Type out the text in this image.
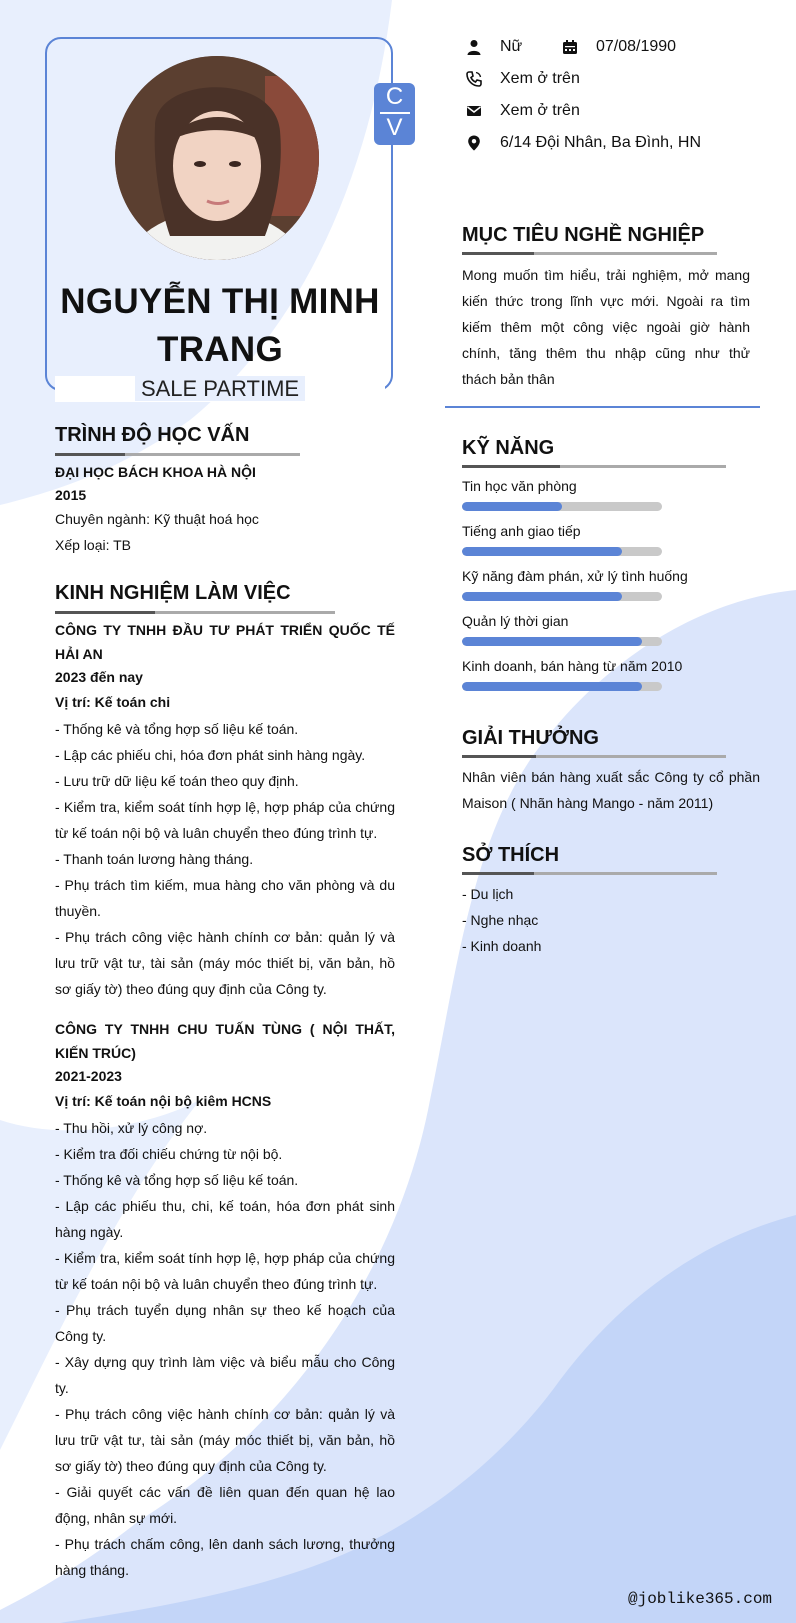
C
V
NGUYỄN THỊ MINH TRANG
SALE PARTIME
TRÌNH ĐỘ HỌC VẤN
ĐẠI HỌC BÁCH KHOA HÀ NỘI
2015
Chuyên ngành: Kỹ thuật hoá học
Xếp loại: TB
KINH NGHIỆM LÀM VIỆC
CÔNG TY TNHH ĐẦU TƯ PHÁT TRIỂN QUỐC TẾ HẢI AN
2023 đến nay
Vị trí: Kế toán chi
- Thống kê và tổng hợp số liệu kế toán.
- Lập các phiếu chi, hóa đơn phát sinh hàng ngày.
- Lưu trữ dữ liệu kế toán theo quy định.
- Kiểm tra, kiểm soát tính hợp lệ, hợp pháp của chứng từ kế toán nội bộ và luân chuyển theo đúng trình tự.
- Thanh toán lương hàng tháng.
- Phụ trách tìm kiếm, mua hàng cho văn phòng và du thuyền.
- Phụ trách công việc hành chính cơ bản: quản lý và lưu trữ vật tư, tài sản (máy móc thiết bị, văn bản, hồ sơ giấy tờ) theo đúng quy định của Công ty.
CÔNG TY TNHH CHU TUẤN TÙNG ( NỘI THẤT, KIẾN TRÚC)
2021-2023
Vị trí: Kế toán nội bộ kiêm HCNS
- Thu hồi, xử lý công nợ.
- Kiểm tra đối chiếu chứng từ nội bộ.
- Thống kê và tổng hợp số liệu kế toán.
- Lập các phiếu thu, chi, kế toán, hóa đơn phát sinh hàng ngày.
- Kiểm tra, kiểm soát tính hợp lệ, hợp pháp của chứng từ kế toán nội bộ và luân chuyển theo đúng trình tự.
- Phụ trách tuyển dụng nhân sự theo kế hoạch của Công ty.
- Xây dựng quy trình làm việc và biểu mẫu cho Công ty.
- Phụ trách công việc hành chính cơ bản: quản lý và lưu trữ vật tư, tài sản (máy móc thiết bị, văn bản, hồ sơ giấy tờ) theo đúng quy định của Công ty.
- Giải quyết các vấn đề liên quan đến quan hệ lao động, nhân sự mới.
- Phụ trách chấm công, lên danh sách lương, thưởng hàng tháng.
Nữ	07/08/1990
Xem ở trên
Xem ở trên
6/14 Đội Nhân, Ba Đình, HN
MỤC TIÊU NGHỀ NGHIỆP
Mong muốn tìm hiểu, trải nghiệm, mở mang kiến thức trong lĩnh vực mới. Ngoài ra tìm kiếm thêm một công việc ngoài giờ hành chính, tăng thêm thu nhập cũng như thử thách bản thân
KỸ NĂNG
Tin học văn phòng
Tiếng anh giao tiếp
Kỹ năng đàm phán, xử lý tình huống
Quản lý thời gian
Kinh doanh, bán hàng từ năm 2010
GIẢI THƯỞNG
Nhân viên bán hàng xuất sắc Công ty cổ phần Maison ( Nhãn hàng Mango - năm 2011)
SỞ THÍCH
- Du lịch
- Nghe nhạc
- Kinh doanh
@joblike365.com
